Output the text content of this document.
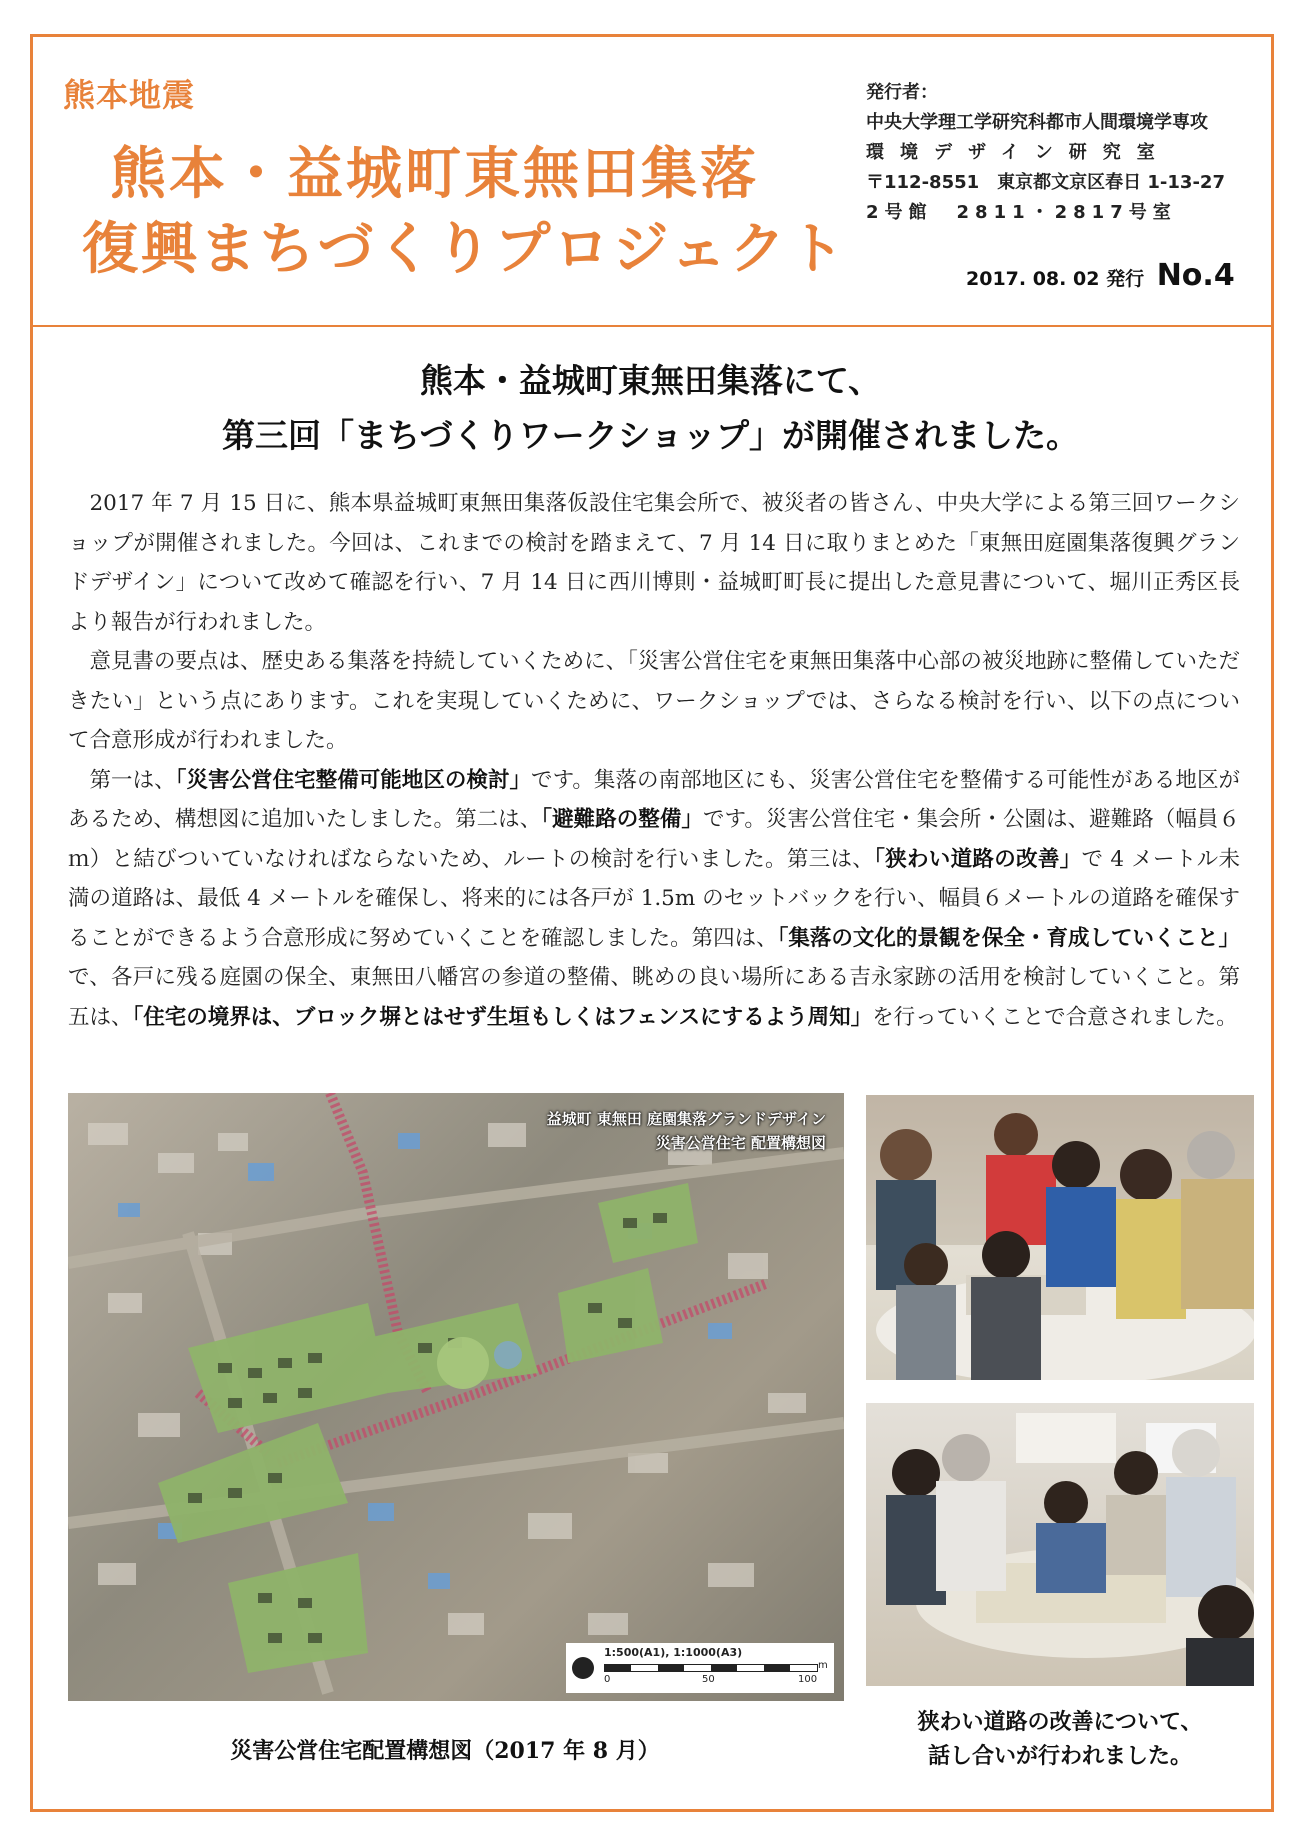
熊本地震
熊本・益城町東無田集落
復興まちづくりプロジェクト
発行者：
中央大学理工学研究科都市人間環境学専攻
環境デザイン研究室
〒112-8551　東京都文京区春日 1-13-27
2号館　2811・2817号室
2017. 08. 02 発行 No.4
熊本・益城町東無田集落にて、
第三回「まちづくりワークショップ」が開催されました。

2017 年 7 月 15 日に、熊本県益城町東無田集落仮設住宅集会所で、被災者の皆さん、中央大学による第三回ワークショップが開催されました。今回は、これまでの検討を踏まえて、7 月 14 日に取りまとめた「東無田庭園集落復興グランドデザイン」について改めて確認を行い、7 月 14 日に西川博則・益城町町長に提出した意見書について、堀川正秀区長より報告が行われました。

意見書の要点は、歴史ある集落を持続していくために、「災害公営住宅を東無田集落中心部の被災地跡に整備していただきたい」という点にあります。これを実現していくために、ワークショップでは、さらなる検討を行い、以下の点について合意形成が行われました。

第一は、「災害公営住宅整備可能地区の検討」です。集落の南部地区にも、災害公営住宅を整備する可能性がある地区があるため、構想図に追加いたしました。第二は、「避難路の整備」です。災害公営住宅・集会所・公園は、避難路（幅員６ｍ）と結びついていなければならないため、ルートの検討を行いました。第三は、「狭わい道路の改善」で 4 メートル未満の道路は、最低 4 メートルを確保し、将来的には各戸が 1.5m のセットバックを行い、幅員６メートルの道路を確保することができるよう合意形成に努めていくことを確認しました。第四は、「集落の文化的景観を保全・育成していくこと」で、各戸に残る庭園の保全、東無田八幡宮の参道の整備、眺めの良い場所にある吉永家跡の活用を検討していくこと。第五は、「住宅の境界は、ブロック塀とはせず生垣もしくはフェンスにするよう周知」を行っていくことで合意されました。

益城町 東無田 庭園集落グランドデザイン
災害公営住宅 配置構想図
1:500(A1), 1:1000(A3)
0	50	100
m
災害公営住宅配置構想図（2017 年 8 月）
狭わい道路の改善について、
話し合いが行われました。
